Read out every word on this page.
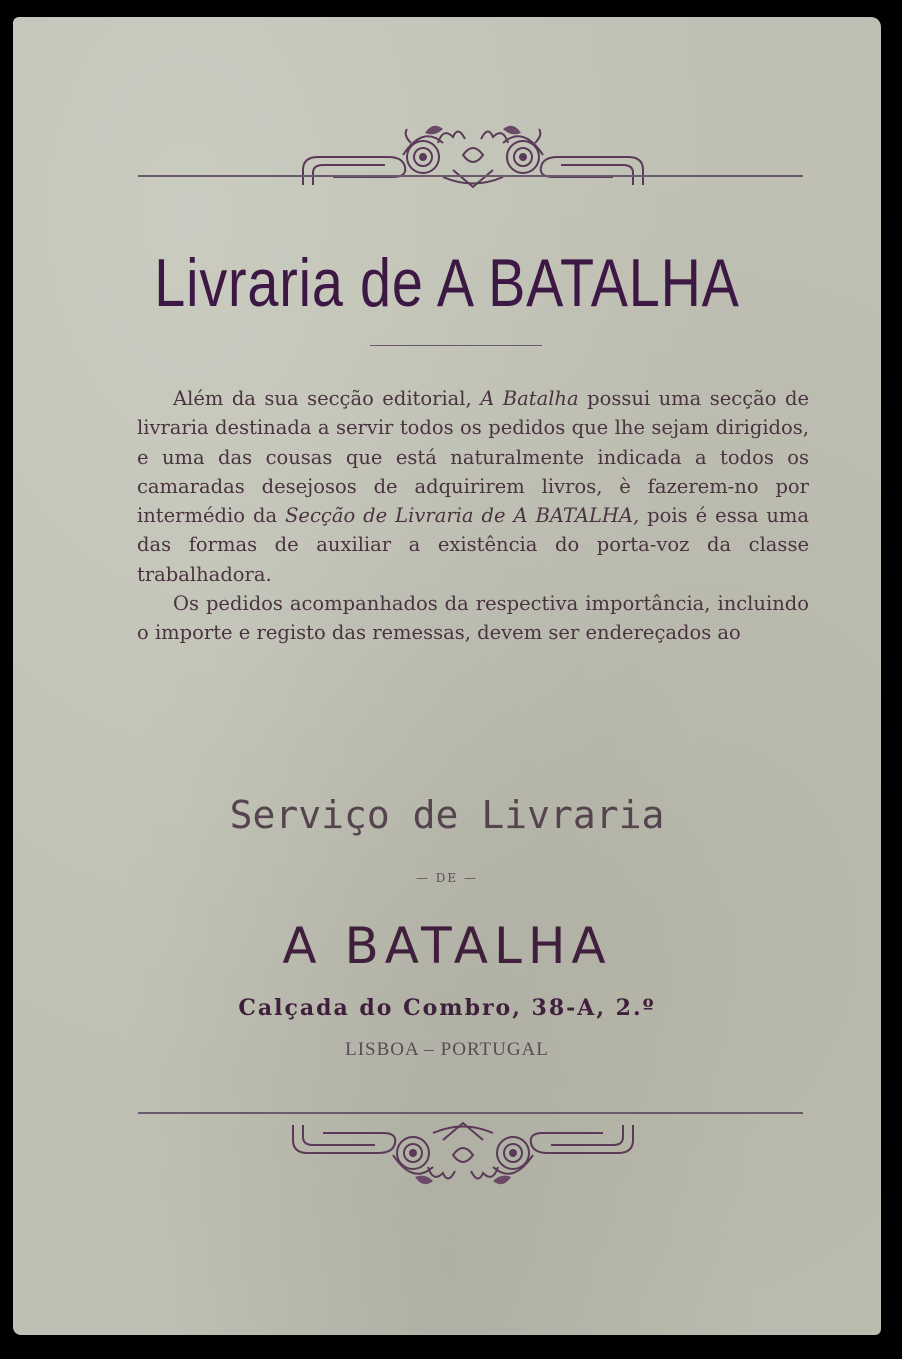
Livraria de A BATALHA

Além da sua secção editorial, A Batalha possui uma secção de livraria destinada a servir todos os pedidos que lhe sejam dirigidos, e uma das cousas que está naturalmente indicada a todos os camaradas desejosos de adquirirem livros, è fazerem-no por intermédio da Secção de Livraria de A BATALHA, pois é essa uma das formas de auxiliar a existência do porta-voz da classe trabalhadora.

Os pedidos acompanhados da respectiva importância, incluindo o importe e registo das remessas, devem ser endereçados ao

Serviço de Livraria
— DE —
A BATALHA
Calçada do Combro, 38-A, 2.º
LISBOA – PORTUGAL
